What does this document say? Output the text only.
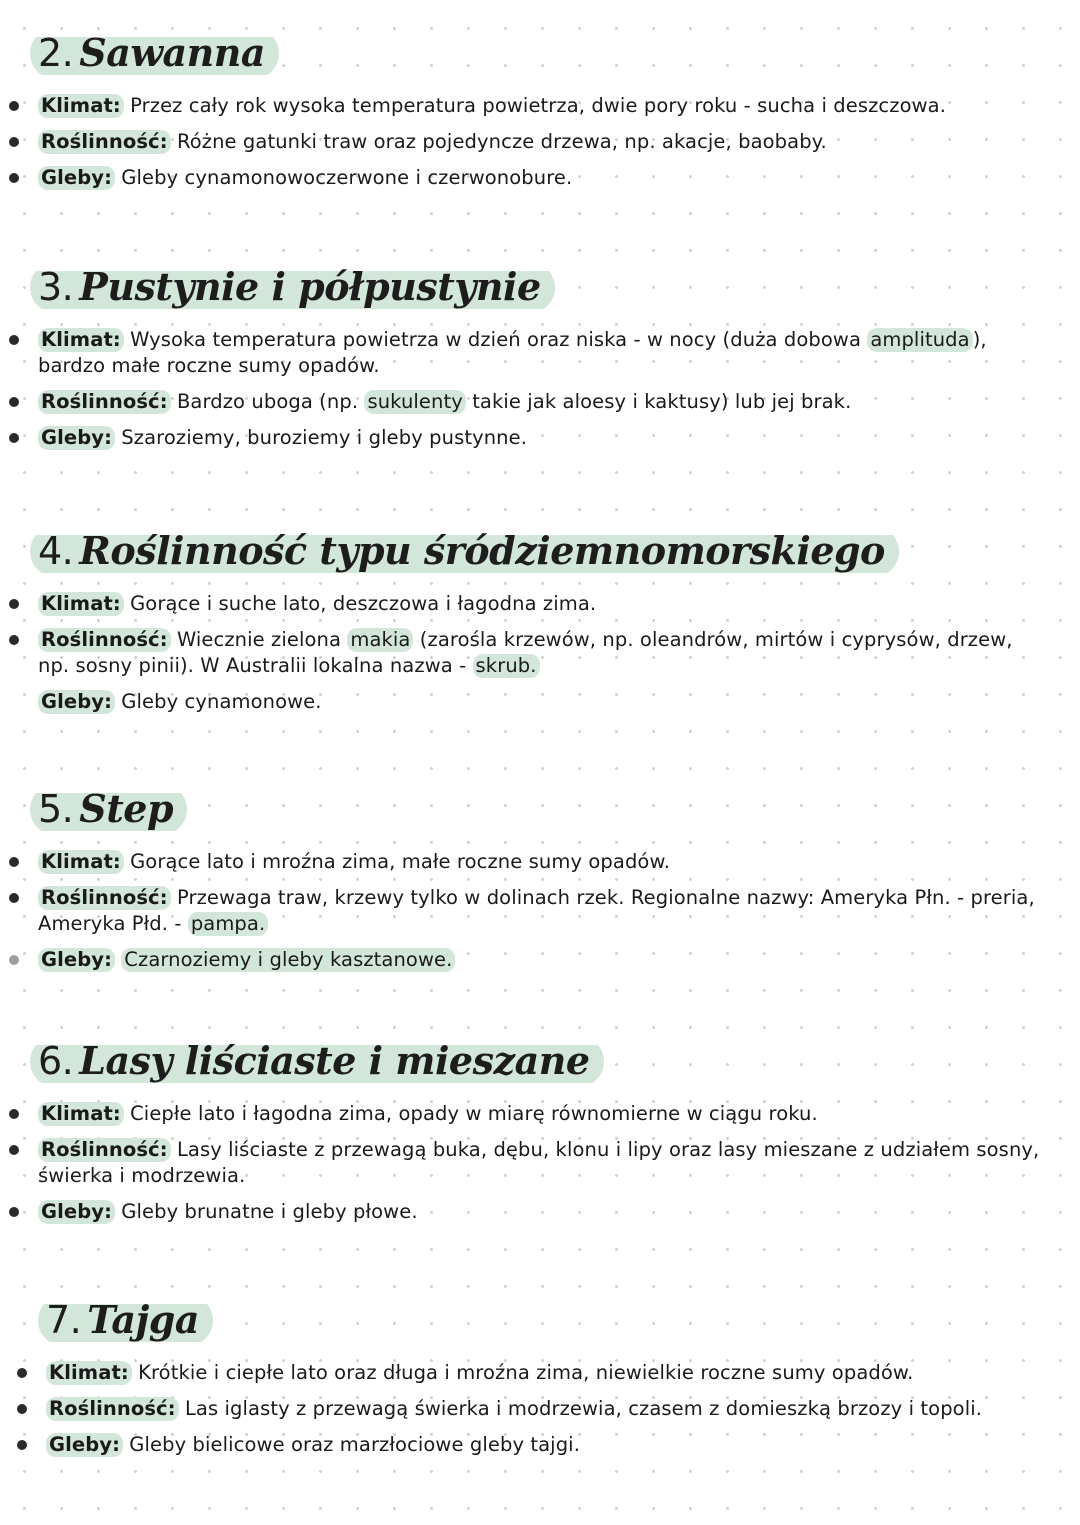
2. Sawanna
Klimat: Przez cały rok wysoka temperatura powietrza, dwie pory roku - sucha i deszczowa.
Roślinność: Różne gatunki traw oraz pojedyncze drzewa, np. akacje, baobaby.
Gleby: Gleby cynamonowoczerwone i czerwonobure.
3. Pustynie i półpustynie
Klimat: Wysoka temperatura powietrza w dzień oraz niska - w nocy (duża dobowa amplituda ), bardzo małe roczne sumy opadów.
Roślinność: Bardzo uboga (np. sukulenty takie jak aloesy i kaktusy) lub jej brak.
Gleby: Szaroziemy, buroziemy i gleby pustynne.
4. Roślinność typu śródziemnomorskiego
Klimat: Gorące i suche lato, deszczowa i łagodna zima.
Roślinność: Wiecznie zielona makia (zarośla krzewów, np. oleandrów, mirtów i cyprysów, drzew, np. sosny pinii). W Australii lokalna nazwa - skrub.
Gleby: Gleby cynamonowe.
5. Step
Klimat: Gorące lato i mroźna zima, małe roczne sumy opadów.
Roślinność: Przewaga traw, krzewy tylko w dolinach rzek. Regionalne nazwy: Ameryka Płn. - preria, Ameryka Płd. - pampa.
Gleby: Czarnoziemy i gleby kasztanowe.
6. Lasy liściaste i mieszane
Klimat: Ciepłe lato i łagodna zima, opady w miarę równomierne w ciągu roku.
Roślinność: Lasy liściaste z przewagą buka, dębu, klonu i lipy oraz lasy mieszane z udziałem sosny, świerka i modrzewia.
Gleby: Gleby brunatne i gleby płowe.
7. Tajga
Klimat: Krótkie i ciepłe lato oraz długa i mroźna zima, niewielkie roczne sumy opadów.
Roślinność: Las iglasty z przewagą świerka i modrzewia, czasem z domieszką brzozy i topoli.
Gleby: Gleby bielicowe oraz marzłociowe gleby tajgi.
